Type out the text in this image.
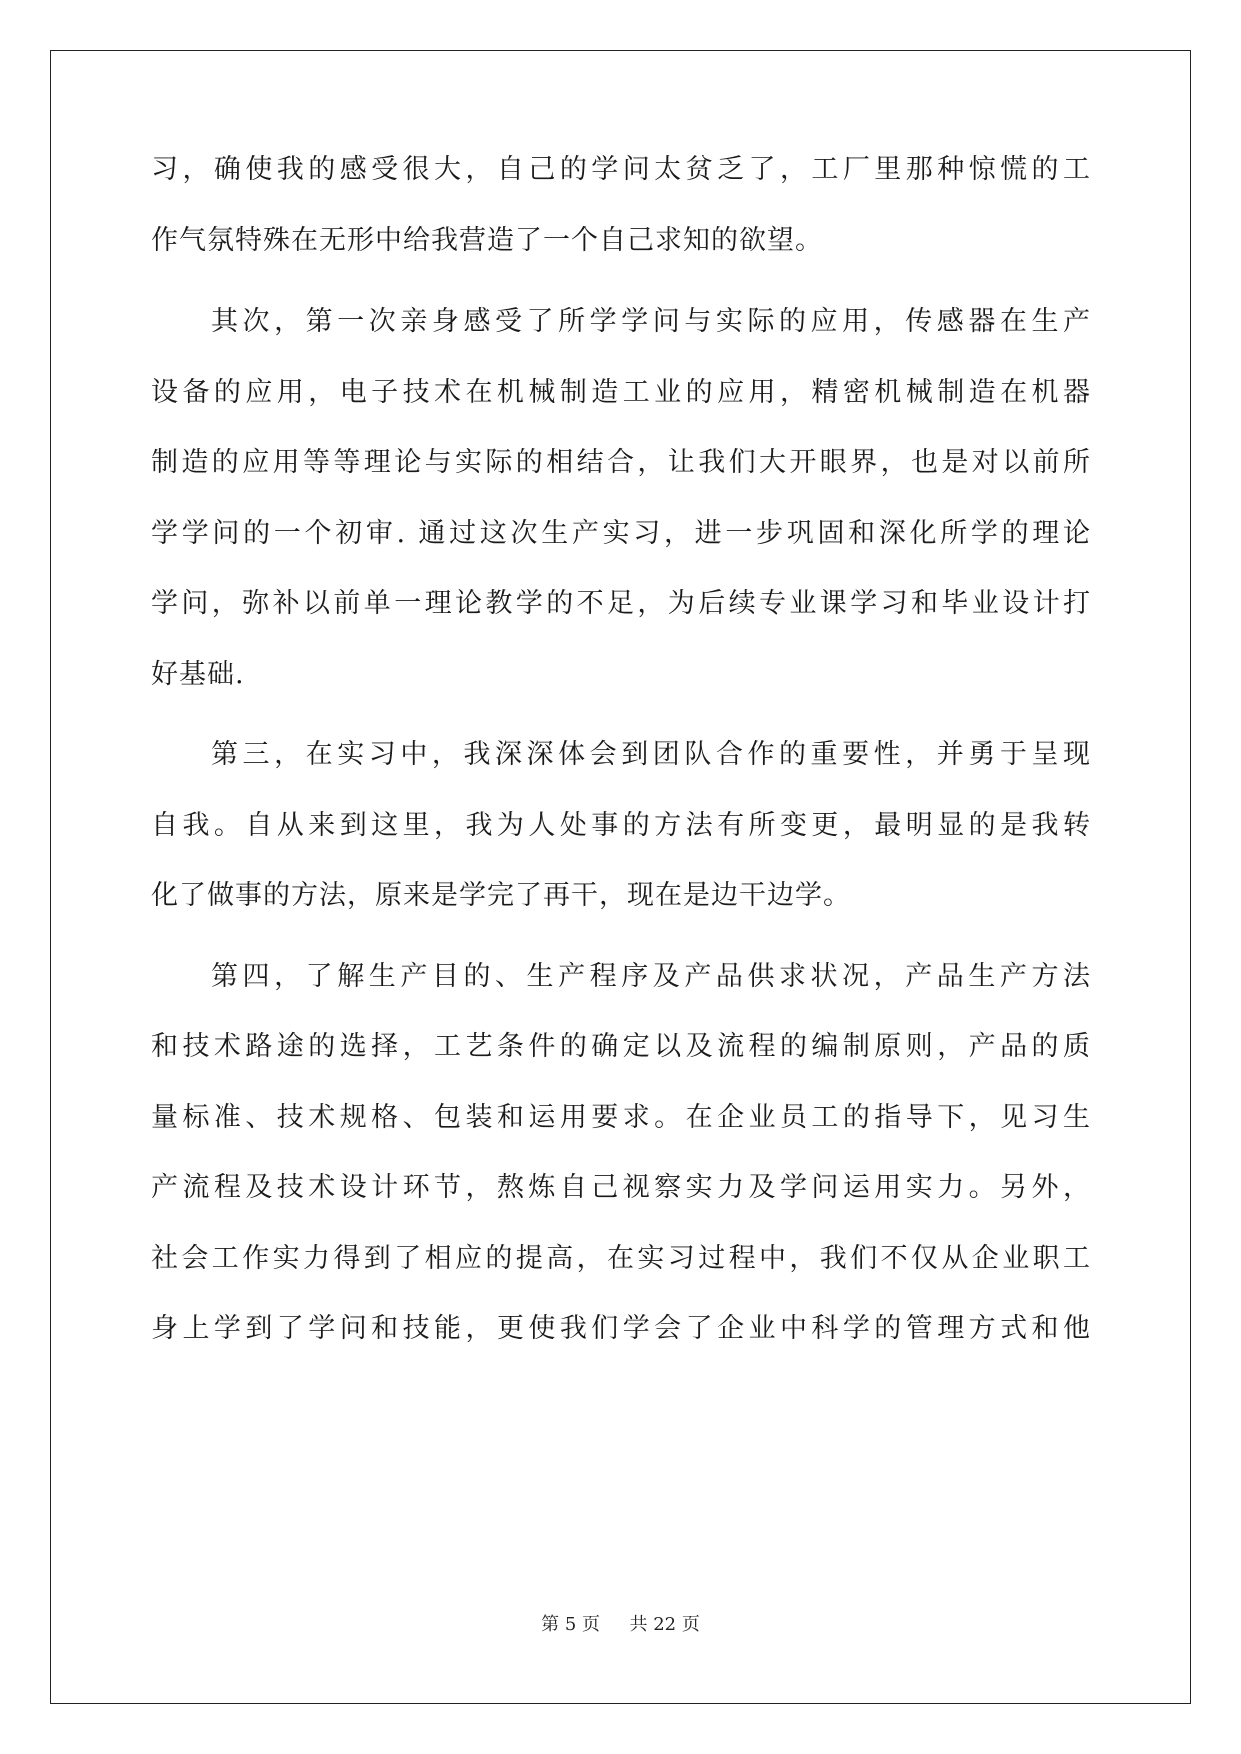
习，确使我的感受很大，自己的学问太贫乏了，工厂里那种惊慌的工
作气氛特殊在无形中给我营造了一个自己求知的欲望。
其次，第一次亲身感受了所学学问与实际的应用，传感器在生产
设备的应用，电子技术在机械制造工业的应用，精密机械制造在机器
制造的应用等等理论与实际的相结合，让我们大开眼界，也是对以前所
学学问的一个初审. 通过这次生产实习，进一步巩固和深化所学的理论
学问，弥补以前单一理论教学的不足，为后续专业课学习和毕业设计打
好基础.
第三，在实习中，我深深体会到团队合作的重要性，并勇于呈现
自我。自从来到这里，我为人处事的方法有所变更，最明显的是我转
化了做事的方法，原来是学完了再干，现在是边干边学。
第四，了解生产目的、生产程序及产品供求状况，产品生产方法
和技术路途的选择，工艺条件的确定以及流程的编制原则，产品的质
量标准、技术规格、包装和运用要求。在企业员工的指导下，见习生
产流程及技术设计环节，熬炼自己视察实力及学问运用实力。另外，
社会工作实力得到了相应的提高，在实习过程中，我们不仅从企业职工
身上学到了学问和技能，更使我们学会了企业中科学的管理方式和他
第 5 页 共 22 页
